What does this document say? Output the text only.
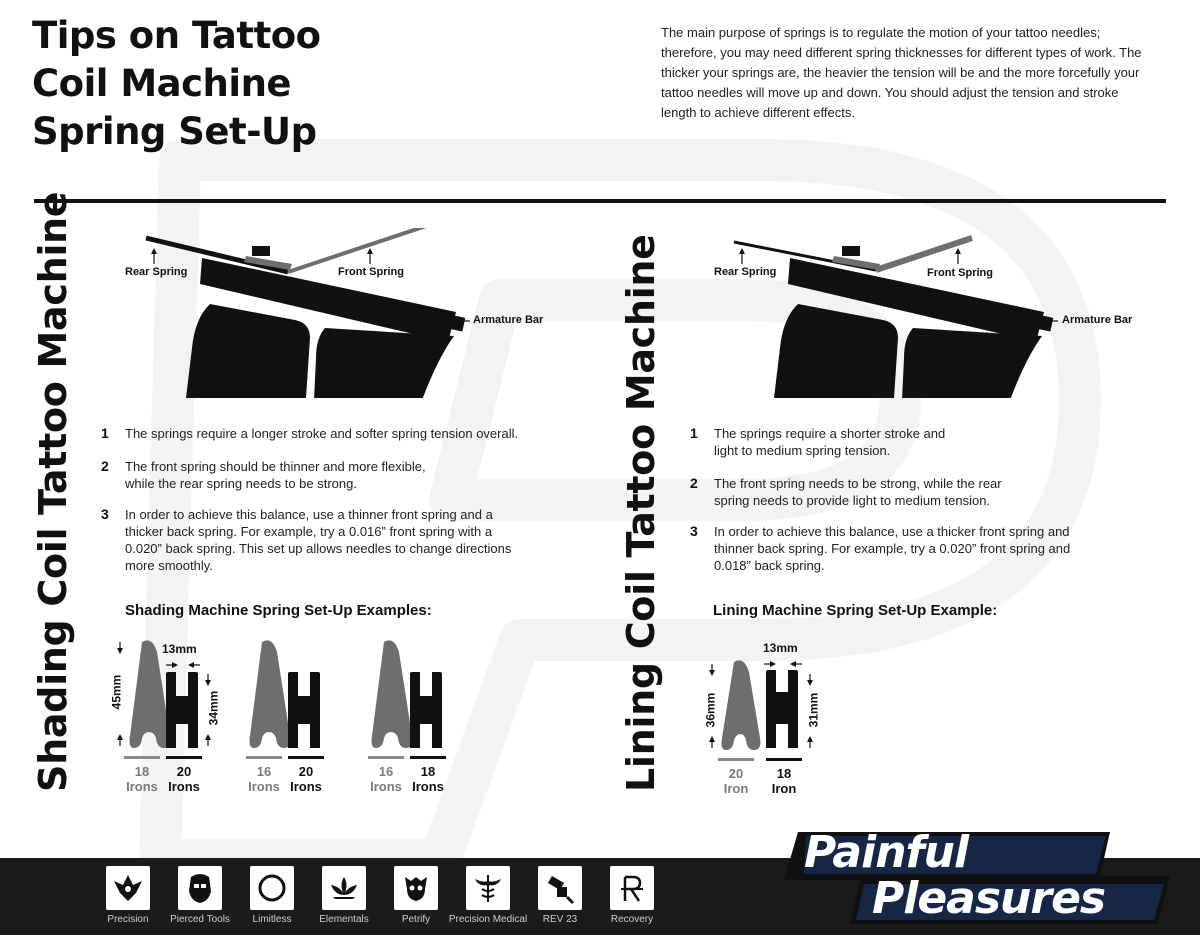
Tips on Tattoo
Coil Machine
Spring Set-Up
The main purpose of springs is to regulate the motion of your tattoo needles; therefore, you may need different spring thicknesses for different types of work. The thicker your springs are, the heavier the tension will be and the more forcefully your tattoo needles will move up and down. You should adjust the tension and stroke length to achieve different effects.
Shading Coil Tattoo Machine	Rear Spring	Front Spring
Armature Bar
1 The springs require a longer stroke and softer spring tension overall.
2 The front spring should be thinner and more flexible, while the rear spring needs to be strong.
3 In order to achieve this balance, use a thinner front spring and a thicker back spring. For example, try a 0.016” front spring with a 0.020” back spring. This set up allows needles to change directions more smoothly.
Shading Machine Spring Set-Up Examples:
13mm
45mm	34mm
18
Irons
20
Irons
16
Irons
20
Irons
16
Irons
18
Irons	Lining Coil Tattoo Machine	Rear Spring	Front Spring
Armature Bar
1 The springs require a shorter stroke and light to medium spring tension.
2 The front spring needs to be strong, while the rear spring needs to provide light to medium tension.
3 In order to achieve this balance, use a thicker front spring and thinner back spring. For example, try a 0.020” front spring and 0.018” back spring.
Lining Machine Spring Set-Up Example:
13mm
36mm	31mm
20
Iron
18
Iron
Precision	Pierced Tools	Limitless	Elementals	Petrify	Precision Medical	REV 23	Recovery
Painful
Pleasures
